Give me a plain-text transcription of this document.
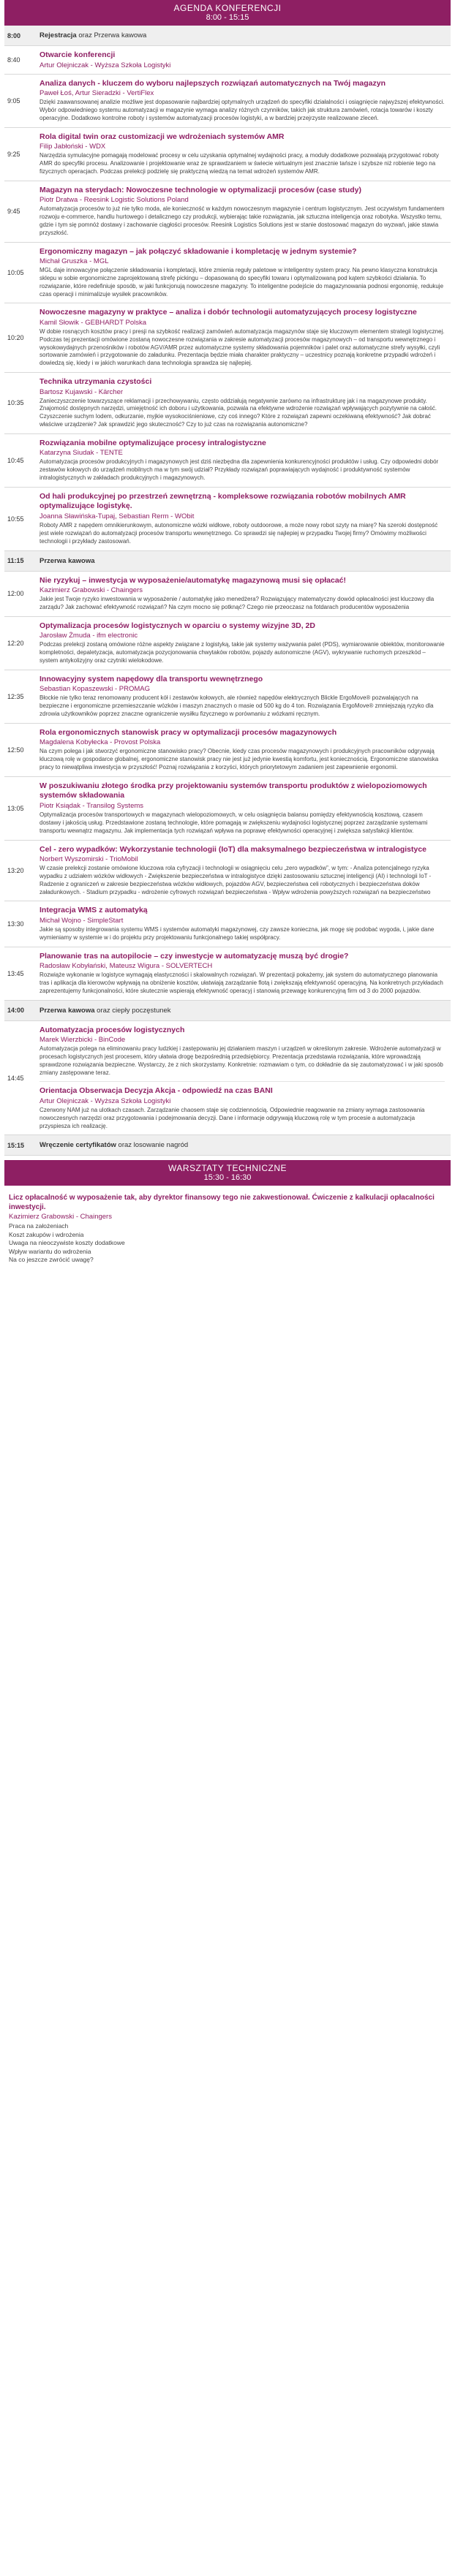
AGENDA KONFERENCJI
8:00 - 15:15
8:00	Rejestracja oraz Przerwa kawowa
8:40
Otwarcie konferencji
Artur Olejniczak - Wyższa Szkoła Logistyki
9:05
Analiza danych - kluczem do wyboru najlepszych rozwiązań automatycznych na Twój magazyn
Paweł Łoś, Artur Sieradzki - VertiFlex
Dzięki zaawansowanej analizie możliwe jest dopasowanie najbardziej optymalnych urządzeń do specyfiki działalności i osiągnięcie najwyższej efektywności. Wybór odpowiedniego systemu automatyzacji w magazynie wymaga analizy różnych czynników, takich jak struktura zamówień, rotacja towarów i koszty operacyjne. Dodatkowo kontrolne roboty i systemów automatyzacji procesów logistyki, a w bardziej przejrzyste realizowane zleceń.
9:25
Rola digital twin oraz customizacji we wdrożeniach systemów AMR
Filip Jabłoński - WDX
Narzędzia symulacyjne pomagają modelować procesy w celu uzyskania optymalnej wydajności pracy, a moduły dodatkowe pozwalają przygotować roboty AMR do specyfiki procesu. Analizowanie i projektowanie wraz ze sprawdzaniem w świecie wirtualnym jest znacznie tańsze i szybsze niż robienie tego na fizycznych operacjach. Podczas prelekcji podzielę się praktyczną wiedzą na temat wdrożeń systemów AMR.
9:45
Magazyn na sterydach: Nowoczesne technologie w optymalizacji procesów (case study)
Piotr Dratwa - Reesink Logistic Solutions Poland
Automatyzacja procesów to już nie tylko moda, ale konieczność w każdym nowoczesnym magazynie i centrum logistycznym. Jest oczywistym fundamentem rozwoju e-commerce, handlu hurtowego i detalicznego czy produkcji, wybierając takie rozwiązania, jak sztuczna inteligencja oraz robotyka. Wszystko temu, gdzie i tym się pomnóż dostawy i zachowanie ciągłości procesów. Reesink Logistics Solutions jest w stanie dostosować magazyn do wyzwań, jakie stawia przyszłość.
10:05
Ergonomiczny magazyn – jak połączyć składowanie i kompletację w jednym systemie?
Michał Gruszka - MGL
MGL daje innowacyjne połączenie składowania i kompletacji, które zmienia reguły paletowe w inteligentny system pracy. Na pewno klasyczna konstrukcja sklepu w sobie ergonomiczne zaprojektowaną strefę pickingu – dopasowaną do specyfiki towaru i optymalizowaną pod kątem szybkości działania. To rozwiązanie, które redefiniuje sposób, w jaki funkcjonują nowoczesne magazyny. To inteligentne podejście do magazynowania podnosi ergonomię, redukuje czas operacji i minimalizuje wysiłek pracowników.
10:20
Nowoczesne magazyny w praktyce – analiza i dobór technologii automatyzujących procesy logistyczne
Kamil Słowik - GEBHARDT Polska
W dobie rosnących kosztów pracy i presji na szybkość realizacji zamówień automatyzacja magazynów staje się kluczowym elementem strategii logistycznej. Podczas tej prezentacji omówione zostaną nowoczesne rozwiązania w zakresie automatyzacji procesów magazynowych – od transportu wewnętrznego i wysokowydajnych przenośników i robotów AGV/AMR przez automatyczne systemy składowania pojemników i palet oraz automatyczne strefy wysyłki, czyli sortowanie zamówień i przygotowanie do załadunku. Prezentacja będzie miała charakter praktyczny – uczestnicy poznają konkretne przypadki wdrożeń i dowiedzą się, kiedy i w jakich warunkach dana technologia sprawdza się najlepiej.
10:35
Technika utrzymania czystości
Bartosz Kujawski - Kärcher
Zanieczyszczenie towarzyszące reklamacji i przechowywaniu, często oddziałują negatywnie zarówno na infrastrukturę jak i na magazynowe produkty. Znajomość dostępnych narzędzi, umiejętność ich doboru i użytkowania, pozwala na efektywne wdrożenie rozwiązań wpływających pozytywnie na całość. Czyszczenie suchym lodem, odkurzanie, myjkie wysokociśnieniowe, czy coś innego? Które z rozwiązań zapewni oczekiwaną efektywność? Jak dobrać właściwe urządzenie? Jak sprawdzić jego skuteczność? Czy to już czas na rozwiązania autonomiczne?
10:45
Rozwiązania mobilne optymalizujące procesy intralogistyczne
Katarzyna Siudak - TENTE
Automatyzacja procesów produkcyjnych i magazynowych jest dziś niezbędna dla zapewnienia konkurencyjności produktów i usług. Czy odpowiedni dobór zestawów kołowych do urządzeń mobilnych ma w tym swój udział? Przykłady rozwiązań poprawiających wydajność i produktywność systemów intralogistycznych w zakładach produkcyjnych i magazynowych.
10:55
Od hali produkcyjnej po przestrzeń zewnętrzną - kompleksowe rozwiązania robotów mobilnych AMR optymalizujące logistykę.
Joanna Sławińska-Tupaj, Sebastian Rerm - WObit
Roboty AMR z napędem omnikierunkowym, autonomiczne wózki widłowe, roboty outdoorowe, a może nowy robot szyty na miarę? Na szeroki dostępność jest wiele rozwiązań do automatyzacji procesów transportu wewnętrznego. Co sprawdzi się najlepiej w przypadku Twojej firmy? Omówimy możliwości technologii i przykłady zastosowań.
11:15	Przerwa kawowa
12:00
Nie ryzykuj – inwestycja w wyposażenie/automatykę magazynową musi się opłacać!
Kazimierz Grabowski - Chaingers
Jakie jest Twoje ryzyko inwestowania w wyposażenie / automatykę jako menedżera? Rozwiązujący matematyczny dowód opłacalności jest kluczowy dla zarządu? Jak zachować efektywność rozwiązań? Na czym mocno się potknąć? Czego nie przeoczasz na fotdarach producentów wyposażenia
12:20
Optymalizacja procesów logistycznych w oparciu o systemy wizyjne 3D, 2D
Jarosław Żmuda - ifm electronic
Podczas prelekcji zostaną omówione różne aspekty związane z logistyką, takie jak systemy ważywania palet (PDS), wymiarowanie obiektów, monitorowanie kompletności, depaletyzacja, automatyzacja pozycjonowania chwytaków robotów, pojazdy autonomiczne (AGV), wykrywanie ruchomych przeszkód – system antykolizyjny oraz czytniki wielokodowe.
12:35
Innowacyjny system napędowy dla transportu wewnętrznego
Sebastian Kopaszewski - PROMAG
Błockie nie tylko teraz renomowany producent kół i zestawów kołowych, ale również napędów elektrycznych Blickle ErgoMove® pozwalających na bezpieczne i ergonomiczne przemieszczanie wózków i maszyn znacznych o masie od 500 kg do 4 ton. Rozwiązania ErgoMove® zmniejszają ryzyko dla zdrowia użytkowników poprzez znaczne ograniczenie wysiłku fizycznego w porównaniu z wózkami ręcznym.
12:50
Rola ergonomicznych stanowisk pracy w optymalizacji procesów magazynowych
Magdalena Kobyłecka - Provost Polska
Na czym polega i jak stworzyć ergonomiczne stanowisko pracy? Obecnie, kiedy czas procesów magazynowych i produkcyjnych pracowników odgrywają kluczową rolę w gospodarce globalnej, ergonomiczne stanowisk pracy nie jest już jedynie kwestią komfortu, jest koniecznością. Ergonomiczne stanowiska pracy to niewątpliwa inwestycja w przyszłość! Poznaj rozwiązania z korzyści, których priorytetowym zadaniem jest zapewnienie ergonomii.
13:05
W poszukiwaniu złotego środka przy projektowaniu systemów transportu produktów z wielopoziomowych systemów składowania
Piotr Ksiądak - Transilog Systems
Optymalizacja procesów transportowych w magazynach wielopoziomowych, w celu osiągnięcia balansu pomiędzy efektywnością kosztową, czasem dostawy i jakością usług. Przedstawione zostaną technologie, które pomagają w zwiększeniu wydajności logistycznej poprzez zarządzanie systemami transportu wewnątrz magazynu. Jak implementacja tych rozwiązań wpływa na poprawę efektywności operacyjnej i zwiększa satysfakcji klientów.
13:20
Cel - zero wypadków: Wykorzystanie technologii (IoT) dla maksymalnego bezpieczeństwa w intralogistyce
Norbert Wyszomirski - TrioMobil
W czasie prelekcji zostanie omówione kluczowa rola cyfryzacji i technologii w osiągnięciu celu „zero wypadków”, w tym: - Analiza potencjalnego ryzyka wypadku z udziałem wózków widłowych - Zwiększenie bezpieczeństwa w intralogistyce dzięki zastosowaniu sztucznej inteligencji (AI) i technologii IoT - Radzenie z ograniczeń w zakresie bezpieczeństwa wózków widłowych, pojazdów AGV, bezpieczeństwa celi robotycznych i bezpieczeństwa doków załadunkowych. - Stadium przypadku - wdrożenie cyfrowych rozwiązań bezpieczeństwa - Wpływ wdrożenia powyższych rozwiązań na bezpieczeństwo
13:30
Integracja WMS z automatyką
Michał Wojno - SimpleStart
Jakie są sposoby integrowania systemu WMS i systemów automatyki magazynowej, czy zawsze konieczna, jak mogę się podobać wygoda, i, jakie dane wymieniamy w systemie w i do projektu przy projektowaniu funkcjonalnego takiej współpracy.
13:45
Planowanie tras na autopilocie – czy inwestycje w automatyzację muszą być drogie?
Radosław Kobyłański, Mateusz Wigura - SOLVERTECH
Rozwiąże wykonanie w logistyce wymagają elastyczności i skalowalnych rozwiązań. W prezentacji pokażemy, jak system do automatycznego planowania tras i aplikacja dla kierowców wpływają na obniżenie kosztów, ułatwiają zarządzanie flotą i zwiększają efektywność operacyjną. Na konkretnych przykładach zaprezentujemy funkcjonalności, które skutecznie wspierają efektywność operacyj i stanowią przewagę konkurencyjną firm od 3 do 2000 pojazdów.
14:00	Przerwa kawowa oraz ciepły poczęstunek
14:45
Automatyzacja procesów logistycznych
Marek Wierzbicki - BinCode
Automatyzacja polega na eliminowaniu pracy ludzkiej i zastępowaniu jej działaniem maszyn i urządzeń w określonym zakresie. Wdrożenie automatyzacji w procesach logistycznych jest procesem, który ułatwia drogę bezpośrednią przedsiębiorcy. Prezentacja przedstawia rozwiązania, które wprowadzają sprawdzone rozwiązania bezpieczne. Wystarczy, że z nich skorzystamy. Konkretnie: rozmawiam o tym, co dokładnie da się zautomatyzować i w jaki sposób zmiany zastępowane teraz.
Orientacja Obserwacja Decyzja Akcja - odpowiedź na czas BANI
Artur Olejniczak - Wyższa Szkoła Logistyki
Czerwony NAM już na ulotkach czasach. Zarządzanie chaosem staje się codziennością. Odpowiednie reagowanie na zmiany wymaga zastosowania nowoczesnych narzędzi oraz przygotowania i podejmowania decyzji. Dane i informacje odgrywają kluczową rolę w tym procesie a automatyzacja przyspiesza ich realizację.
15:15	Wręczenie certyfikatów oraz losowanie nagród
WARSZTATY TECHNICZNE
15:30 - 16:30
Licz opłacalność w wyposażenie tak, aby dyrektor finansowy tego nie zakwestionował. Ćwiczenie z kalkulacji opłacalności inwestycji.
Kazimierz Grabowski - Chaingers
Praca na założeniach
Koszt zakupów i wdrożenia
Uwaga na nieoczywiste koszty dodatkowe
Wpływ wariantu do wdrożenia
Na co jeszcze zwrócić uwagę?
